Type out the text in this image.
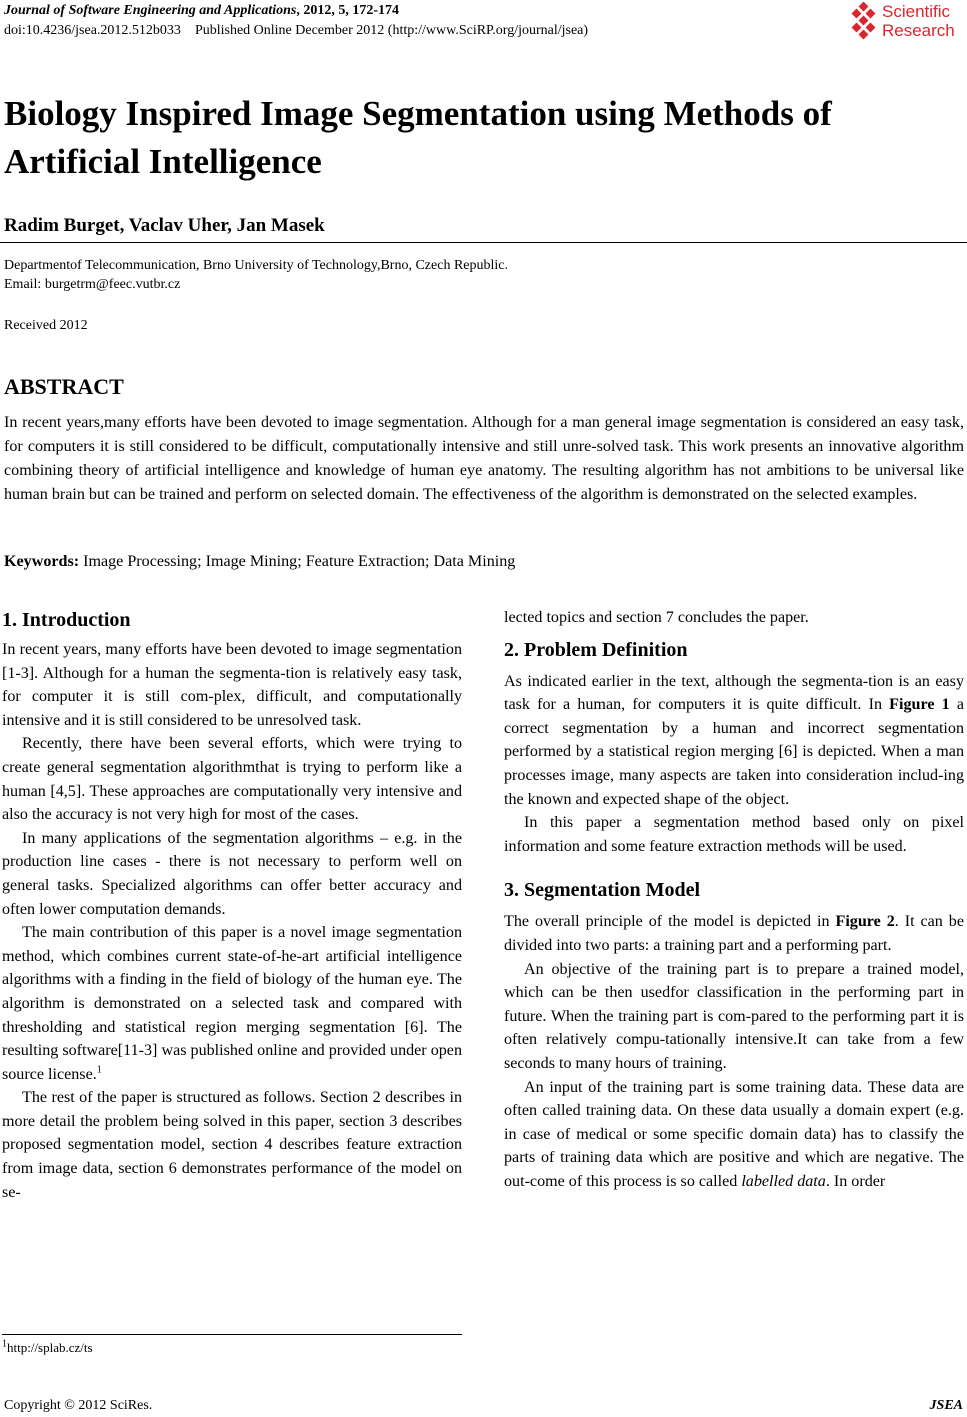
Journal of Software Engineering and Applications, 2012, 5, 172-174
doi:10.4236/jsea.2012.512b033 Published Online December 2012 (http://www.SciRP.org/journal/jsea)
Scientific
Research
Biology Inspired Image Segmentation using Methods of Artificial Intelligence
Radim Burget, Vaclav Uher, Jan Masek
Departmentof Telecommunication, Brno University of Technology,Brno, Czech Republic.
Email: burgetrm@feec.vutbr.cz
Received 2012
ABSTRACT

In recent years,many efforts have been devoted to image segmentation. Although for a man general image segmentation is considered an easy task, for computers it is still considered to be difficult, computationally intensive and still unre-solved task. This work presents an innovative algorithm combining theory of artificial intelligence and knowledge of human eye anatomy. The resulting algorithm has not ambitions to be universal like human brain but can be trained and perform on selected domain. The effectiveness of the algorithm is demonstrated on the selected examples.

Keywords: Image Processing; Image Mining; Feature Extraction; Data Mining
1. Introduction

In recent years, many efforts have been devoted to image segmentation [1-3]. Although for a human the segmenta-tion is relatively easy task, for computer it is still com-plex, difficult, and computationally intensive and it is still considered to be unresolved task.

Recently, there have been several efforts, which were trying to create general segmentation algorithmthat is trying to perform like a human [4,5]. These approaches are computationally very intensive and also the accuracy is not very high for most of the cases.

In many applications of the segmentation algorithms – e.g. in the production line cases - there is not necessary to perform well on general tasks. Specialized algorithms can offer better accuracy and often lower computation demands.

The main contribution of this paper is a novel image segmentation method, which combines current state-of-he-art artificial intelligence algorithms with a finding in the field of biology of the human eye. The algorithm is demonstrated on a selected task and compared with thresholding and statistical region merging segmentation [6]. The resulting software[11-3] was published online and provided under open source license.$^1$

The rest of the paper is structured as follows. Section 2 describes in more detail the problem being solved in this paper, section 3 describes proposed segmentation model, section 4 describes feature extraction from image data, section 6 demonstrates performance of the model on se-

$^1$http://splab.cz/ts

lected topics and section 7 concludes the paper.

2. Problem Definition

As indicated earlier in the text, although the segmenta-tion is an easy task for a human, for computers it is quite difficult. In Figure 1 a correct segmentation by a human and incorrect segmentation performed by a statistical region merging [6] is depicted. When a man processes image, many aspects are taken into consideration includ-ing the known and expected shape of the object.

In this paper a segmentation method based only on pixel information and some feature extraction methods will be used.

3. Segmentation Model

The overall principle of the model is depicted in Figure 2. It can be divided into two parts: a training part and a performing part.

An objective of the training part is to prepare a trained model, which can be then usedfor classification in the performing part in future. When the training part is com-pared to the performing part it is often relatively compu-tationally intensive.It can take from a few seconds to many hours of training.

An input of the training part is some training data. These data are often called training data. On these data usually a domain expert (e.g. in case of medical or some specific domain data) has to classify the parts of training data which are positive and which are negative. The out-come of this process is so called labelled data. In order

Copyright © 2012 SciRes.	JSEA
